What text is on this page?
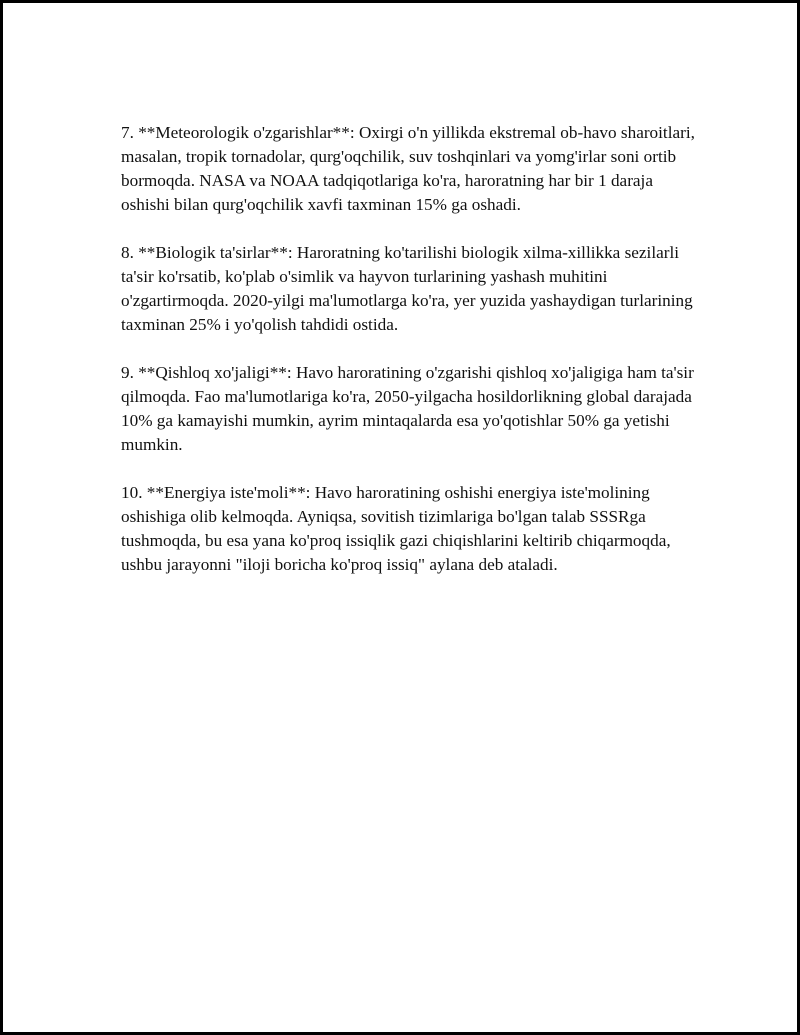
7. **Meteorologik o'zgarishlar**: Oxirgi o'n yillikda ekstremal ob-havo sharoitlari, masalan, tropik tornadolar, qurg'oqchilik, suv toshqinlari va yomg'irlar soni ortib bormoqda. NASA va NOAA tadqiqotlariga ko'ra, haroratning har bir 1 daraja oshishi bilan qurg'oqchilik xavfi taxminan 15% ga oshadi.

8. **Biologik ta'sirlar**: Haroratning ko'tarilishi biologik xilma-xillikka sezilarli ta'sir ko'rsatib, ko'plab o'simlik va hayvon turlarining yashash muhitini o'zgartirmoqda. 2020-yilgi ma'lumotlarga ko'ra, yer yuzida yashaydigan turlarining taxminan 25% i yo'qolish tahdidi ostida.

9. **Qishloq xo'jaligi**: Havo haroratining o'zgarishi qishloq xo'jaligiga ham ta'sir qilmoqda. Fao ma'lumotlariga ko'ra, 2050-yilgacha hosildorlikning global darajada 10% ga kamayishi mumkin, ayrim mintaqalarda esa yo'qotishlar 50% ga yetishi mumkin.

10. **Energiya iste'moli**: Havo haroratining oshishi energiya iste'molining oshishiga olib kelmoqda. Ayniqsa, sovitish tizimlariga bo'lgan talab SSSRga tushmoqda, bu esa yana ko'proq issiqlik gazi chiqishlarini keltirib chiqarmoqda, ushbu jarayonni "iloji boricha ko'proq issiq" aylana deb ataladi.
